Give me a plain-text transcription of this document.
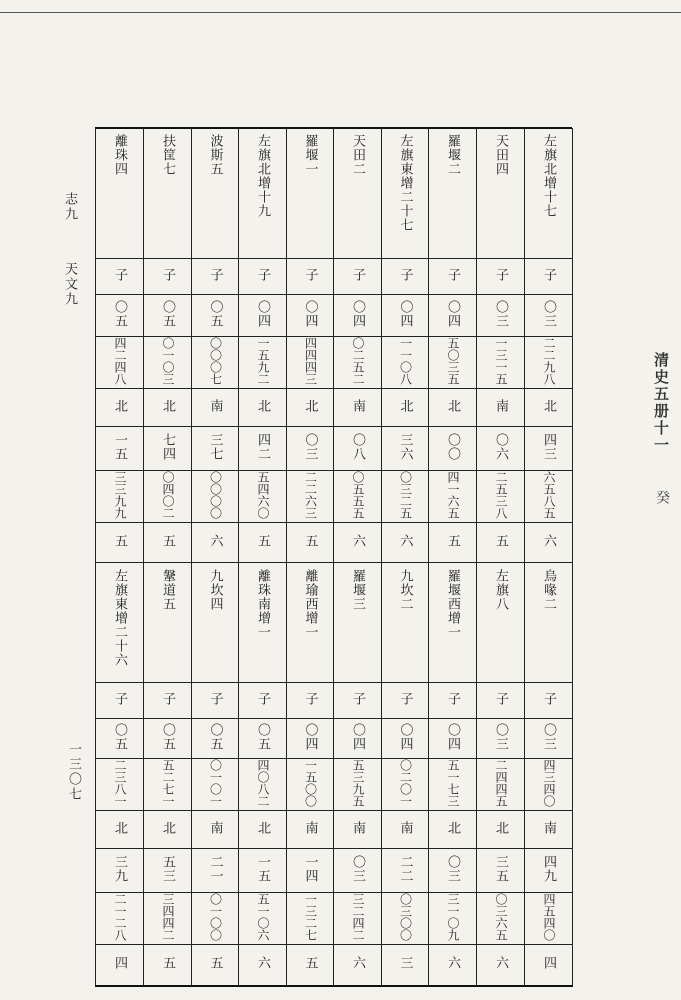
志九
天文九
一三〇七
清史五册十一
癸
離珠四	扶筐七	波斯五	左旗北增十九	羅堰一	天田二	左旗東增二十七	羅堰二	天田四	左旗北增十七
子	子	子	子	子	子	子	子	子	子
〇五	〇五	〇五	〇四	〇四	〇四	〇四	〇四	〇三	〇三
四二四八	〇一〇三	〇〇〇七	一五九二	四四四三	〇二五二	一一〇八	五〇三五	一三一五	二二九八
北	北	南	北	北	南	北	北	南	北
一五	七四	三七	四二	〇三	〇八	三六	〇〇	〇六	四三
三三九九	〇四〇二	〇〇〇〇	五四六〇	二二六三	〇五五五	〇三二五	四一六五	二五三八	六五八五
五	五	六	五	五	六	六	五	五	六
左旗東增二十六	鞶道五	九坎四	離珠南增一	離瑜西增一	羅堰三	九坎二	羅堰西增一	左旗八	烏喙二
子	子	子	子	子	子	子	子	子	子
〇五	〇五	〇五	〇五	〇四	〇四	〇四	〇四	〇三	〇三
二三八一	五二七一	〇一〇一	四〇八二	一五〇〇	五三九五	〇二〇一	五一七三	二四四五	四三四〇
北	北	南	北	南	南	南	北	北	南
三九	五三	二一	一五	一四	〇三	二二	〇三	三五	四九
二一二八	三四四二	〇一〇〇	五一〇六	一三二七	三二四二	〇三〇〇	三一〇九	〇三六五	四五四〇
四	五	五	六	五	六	三	六	六	四
